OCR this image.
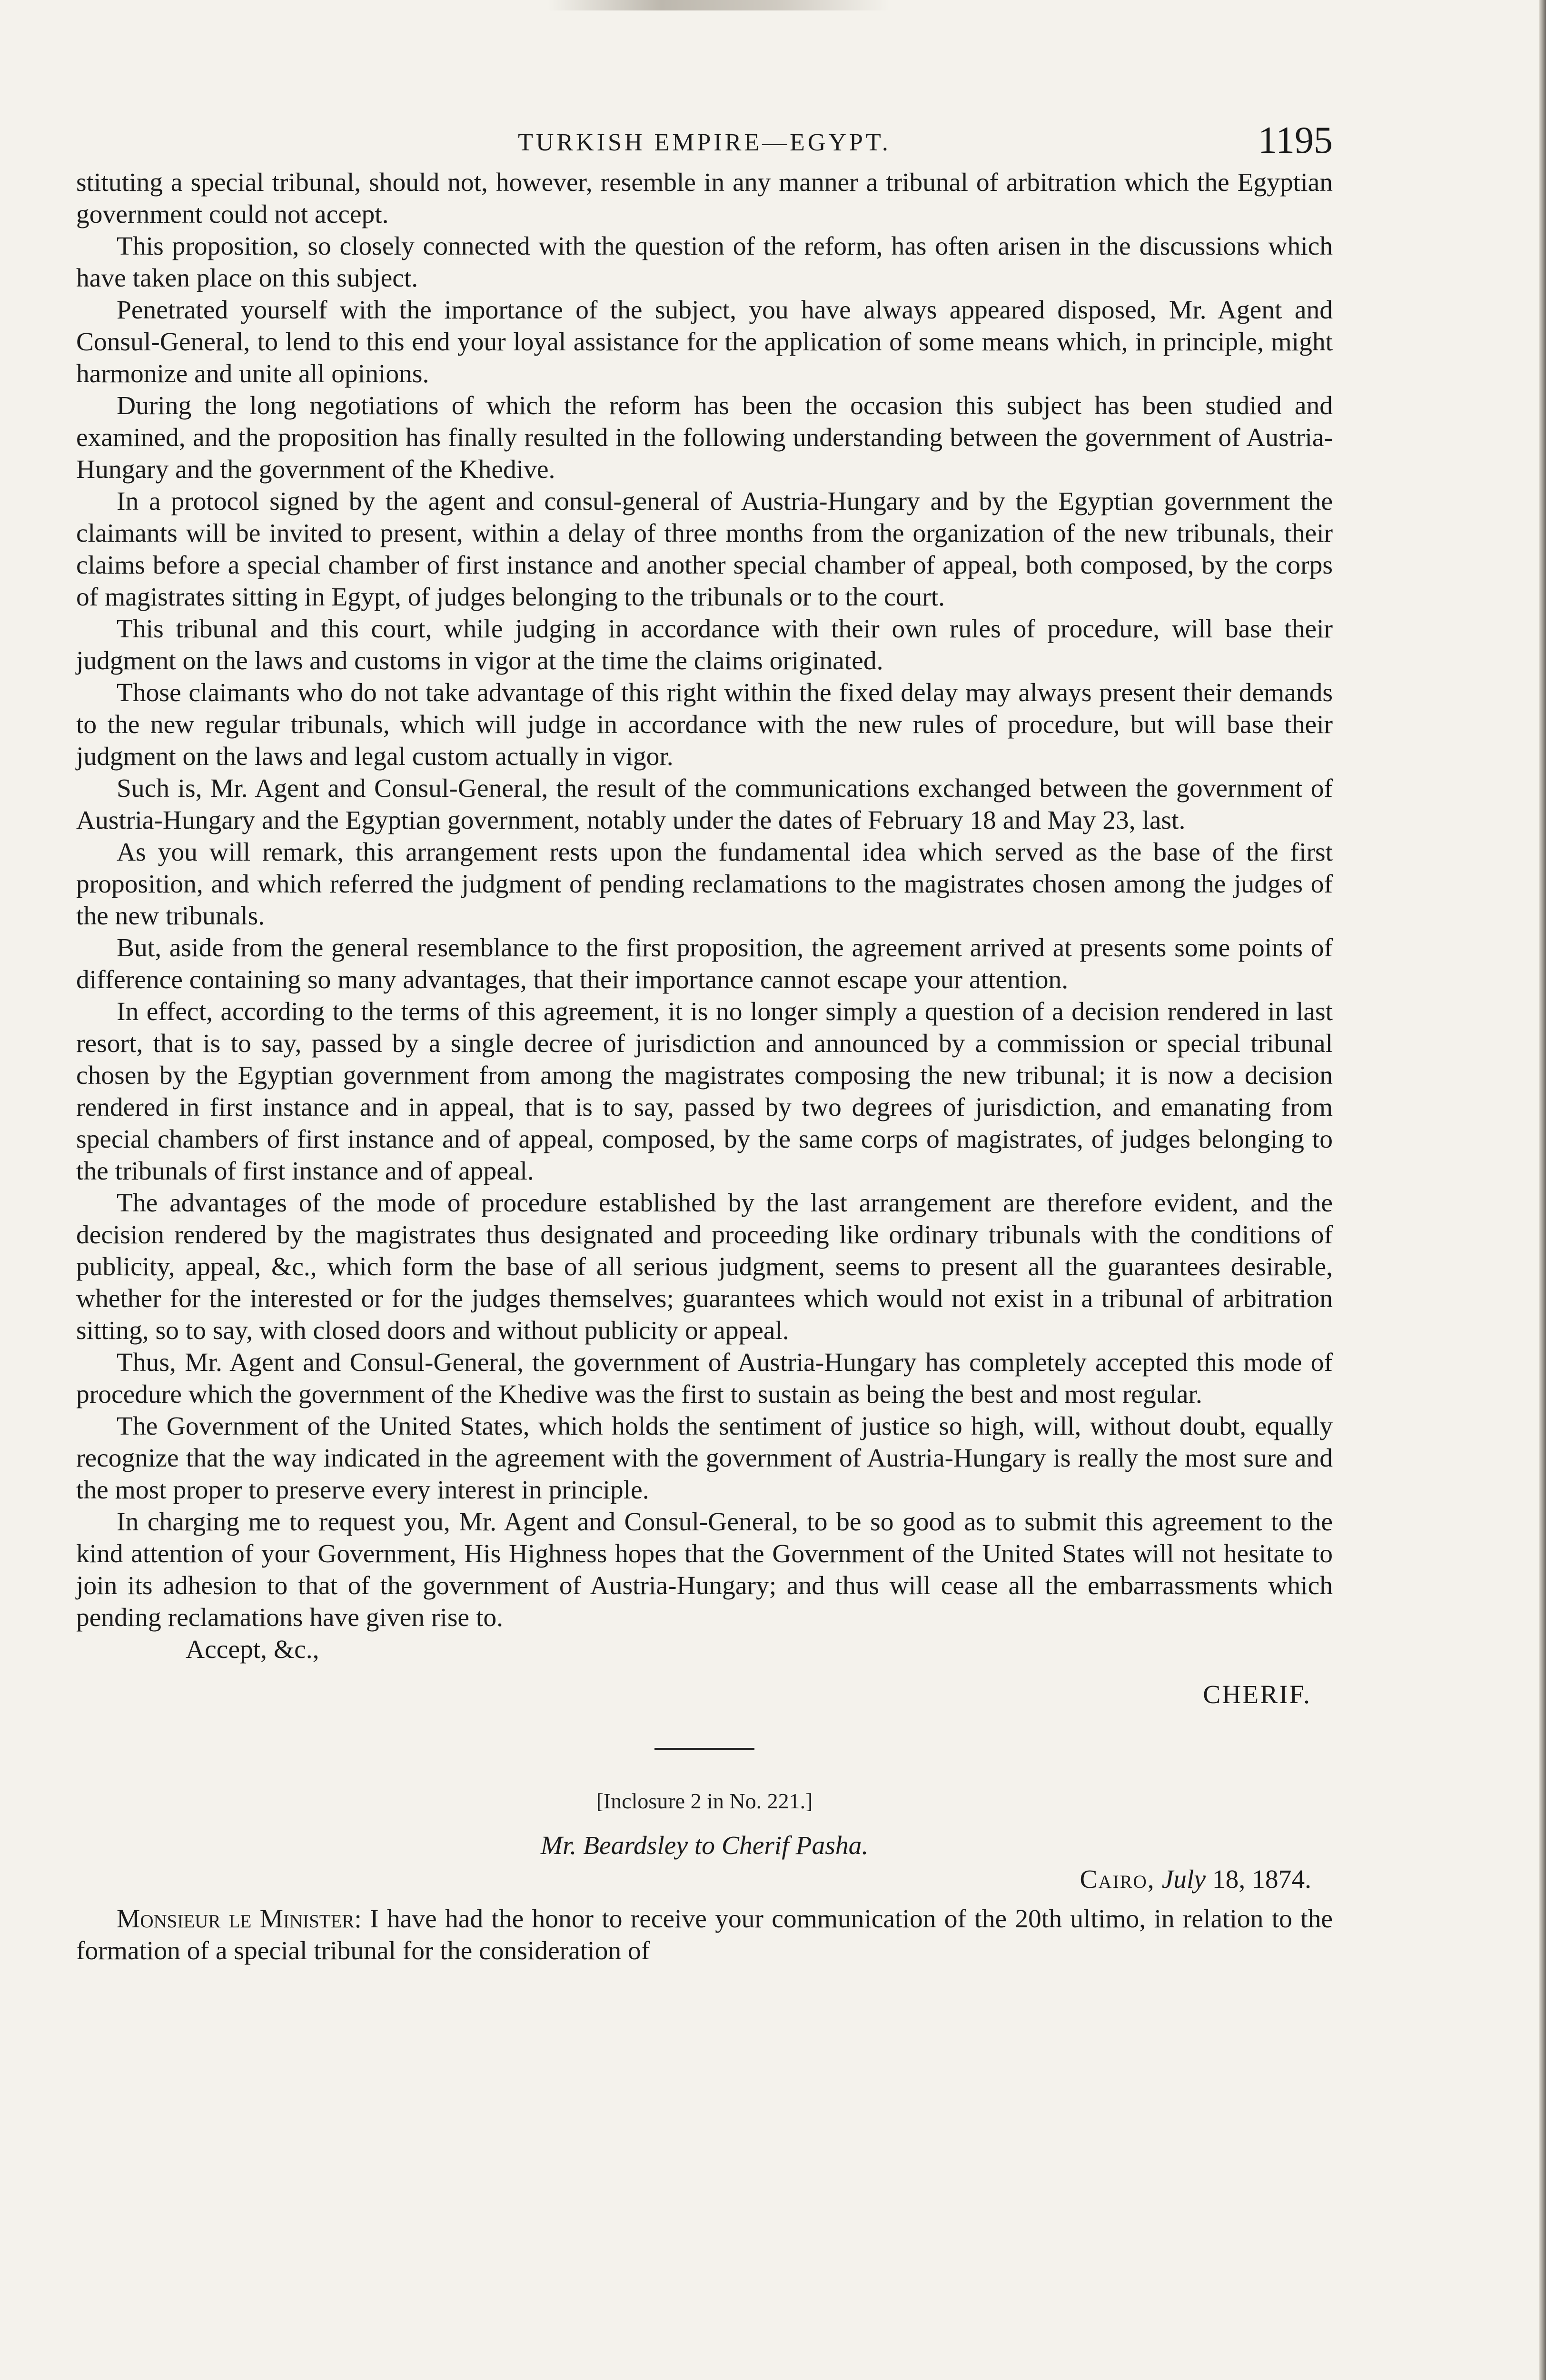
TURKISH EMPIRE—EGYPT.	1195

stituting a special tribunal, should not, however, resemble in any manner a tribunal of arbitration which the Egyptian government could not accept.

This proposition, so closely connected with the question of the reform, has often arisen in the discussions which have taken place on this subject.

Penetrated yourself with the importance of the subject, you have always appeared disposed, Mr. Agent and Consul-General, to lend to this end your loyal assistance for the application of some means which, in principle, might harmonize and unite all opinions.

During the long negotiations of which the reform has been the occasion this subject has been studied and examined, and the proposition has finally resulted in the following understanding between the government of Austria-Hungary and the government of the Khedive.

In a protocol signed by the agent and consul-general of Austria-Hungary and by the Egyptian government the claimants will be invited to present, within a delay of three months from the organization of the new tribunals, their claims before a special chamber of first instance and another special chamber of appeal, both composed, by the corps of magistrates sitting in Egypt, of judges belonging to the tribunals or to the court.

This tribunal and this court, while judging in accordance with their own rules of procedure, will base their judgment on the laws and customs in vigor at the time the claims originated.

Those claimants who do not take advantage of this right within the fixed delay may always present their demands to the new regular tribunals, which will judge in accordance with the new rules of procedure, but will base their judgment on the laws and legal custom actually in vigor.

Such is, Mr. Agent and Consul-General, the result of the communications exchanged between the government of Austria-Hungary and the Egyptian government, notably under the dates of February 18 and May 23, last.

As you will remark, this arrangement rests upon the fundamental idea which served as the base of the first proposition, and which referred the judgment of pending reclamations to the magistrates chosen among the judges of the new tribunals.

But, aside from the general resemblance to the first proposition, the agreement arrived at presents some points of difference containing so many advantages, that their importance cannot escape your attention.

In effect, according to the terms of this agreement, it is no longer simply a question of a decision rendered in last resort, that is to say, passed by a single decree of jurisdiction and announced by a commission or special tribunal chosen by the Egyptian government from among the magistrates composing the new tribunal; it is now a decision rendered in first instance and in appeal, that is to say, passed by two degrees of jurisdiction, and emanating from special chambers of first instance and of appeal, composed, by the same corps of magistrates, of judges belonging to the tribunals of first instance and of appeal.

The advantages of the mode of procedure established by the last arrangement are therefore evident, and the decision rendered by the magistrates thus designated and proceeding like ordinary tribunals with the conditions of publicity, appeal, &c., which form the base of all serious judgment, seems to present all the guarantees desirable, whether for the interested or for the judges themselves; guarantees which would not exist in a tribunal of arbitration sitting, so to say, with closed doors and without publicity or appeal.

Thus, Mr. Agent and Consul-General, the government of Austria-Hungary has completely accepted this mode of procedure which the government of the Khedive was the first to sustain as being the best and most regular.

The Government of the United States, which holds the sentiment of justice so high, will, without doubt, equally recognize that the way indicated in the agreement with the government of Austria-Hungary is really the most sure and the most proper to preserve every interest in principle.

In charging me to request you, Mr. Agent and Consul-General, to be so good as to submit this agreement to the kind attention of your Government, His Highness hopes that the Government of the United States will not hesitate to join its adhesion to that of the government of Austria-Hungary; and thus will cease all the embarrassments which pending reclamations have given rise to.

Accept, &c.,
CHERIF.
[Inclosure 2 in No. 221.]
Mr. Beardsley to Cherif Pasha.
Cairo, July 18, 1874.

Monsieur le Minister: I have had the honor to receive your communication of the 20th ultimo, in relation to the formation of a special tribunal for the consideration of
